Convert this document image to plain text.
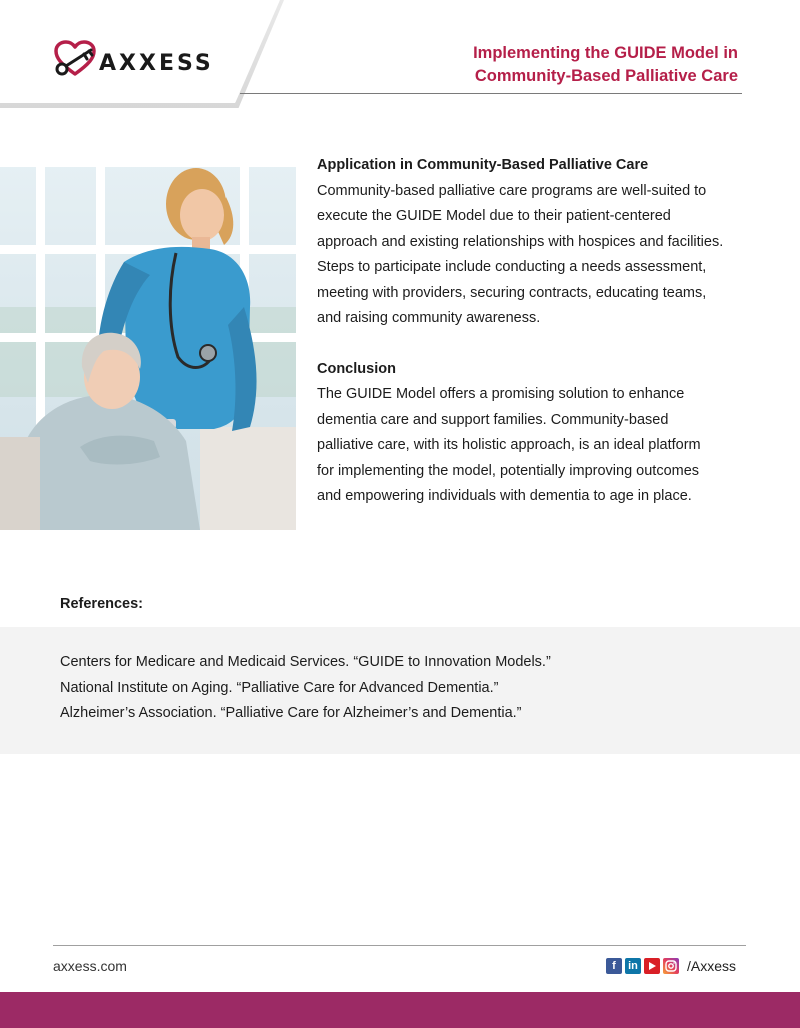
AXXESS	Implementing the GUIDE Model in
Community-Based Palliative Care
Application in Community-Based Palliative Care

Community-based palliative care programs are well-suited to

execute the GUIDE Model due to their patient-centered

approach and existing relationships with hospices and facilities.

Steps to participate include conducting a needs assessment,

meeting with providers, securing contracts, educating teams,

and raising community awareness.

Conclusion

The GUIDE Model offers a promising solution to enhance

dementia care and support families. Community-based

palliative care, with its holistic approach, is an ideal platform

for implementing the model, potentially improving outcomes

and empowering individuals with dementia to age in place.

References:
Centers for Medicare and Medicaid Services. “GUIDE to Innovation Models.”
National Institute on Aging. “Palliative Care for Advanced Dementia.”
Alzheimer’s Association. “Palliative Care for Alzheimer’s and Dementia.”
axxess.com	f	in	/Axxess
